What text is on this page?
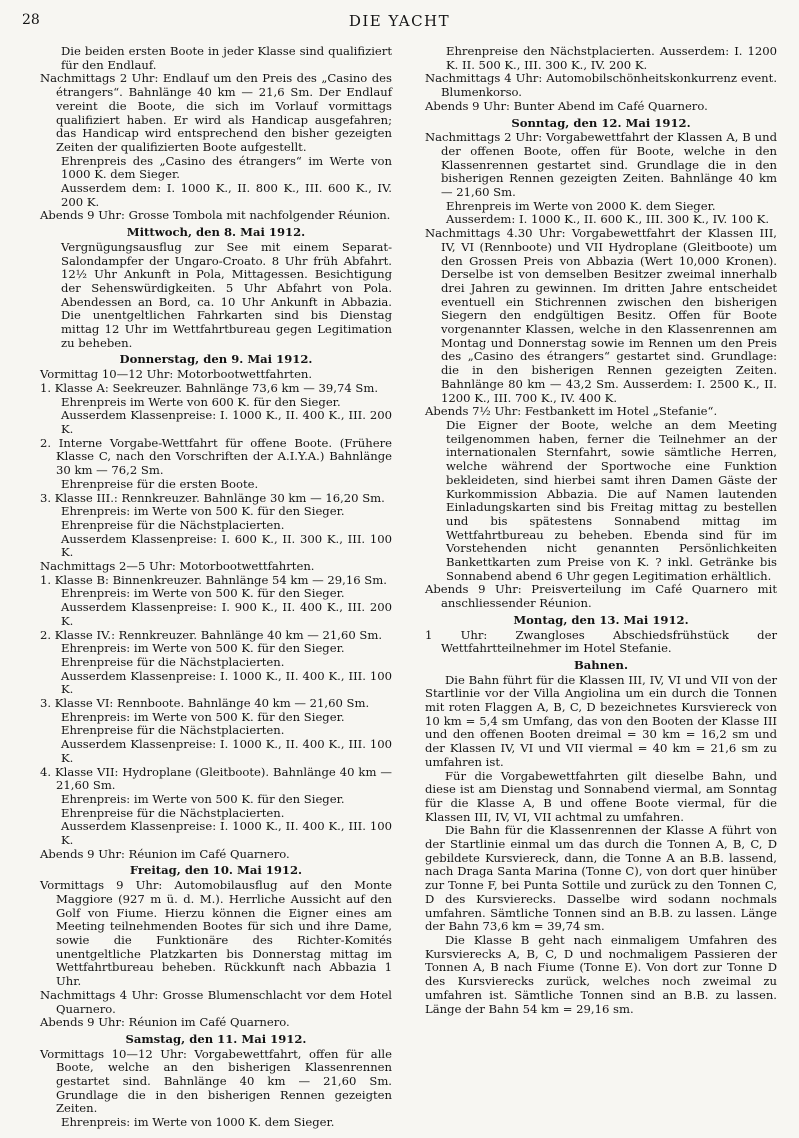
28	DIE YACHT
Die beiden ersten Boote in jeder Klasse sind qualifiziert für den Endlauf.
Nachmittags 2 Uhr: Endlauf um den Preis des „Casino des étrangers“. Bahnlänge 40 km — 21,6 Sm. Der Endlauf vereint die Boote, die sich im Vorlauf vormittags qualifiziert haben. Er wird als Handicap ausgefahren; das Handicap wird entsprechend den bisher gezeigten Zeiten der qualifizierten Boote aufgestellt.
Ehrenpreis des „Casino des étrangers“ im Werte von 1000 K. dem Sieger.
Ausserdem dem: I. 1000 K., II. 800 K., III. 600 K., IV. 200 K.
Abends 9 Uhr: Grosse Tombola mit nachfolgender Réunion.
Mittwoch, den 8. Mai 1912.
Vergnügungsausflug zur See mit einem Separat-Salondampfer der Ungaro-Croato. 8 Uhr früh Abfahrt. 12½ Uhr Ankunft in Pola, Mittagessen. Besichtigung der Sehenswürdigkeiten. 5 Uhr Abfahrt von Pola. Abendessen an Bord, ca. 10 Uhr Ankunft in Abbazia. Die unentgeltlichen Fahrkarten sind bis Dienstag mittag 12 Uhr im Wettfahrtbureau gegen Legitimation zu beheben.
Donnerstag, den 9. Mai 1912.
Vormittag 10—12 Uhr: Motorbootwettfahrten.
1. Klasse A: Seekreuzer. Bahnlänge 73,6 km — 39,74 Sm.
Ehrenpreis im Werte von 600 K. für den Sieger.
Ausserdem Klassenpreise: I. 1000 K., II. 400 K., III. 200 K.
2. Interne Vorgabe-Wettfahrt für offene Boote. (Frühere Klasse C, nach den Vorschriften der A.I.Y.A.) Bahnlänge 30 km — 76,2 Sm.
Ehrenpreise für die ersten Boote.
3. Klasse III.: Rennkreuzer. Bahnlänge 30 km — 16,20 Sm.
Ehrenpreis: im Werte von 500 K. für den Sieger.
Ehrenpreise für die Nächstplacierten.
Ausserdem Klassenpreise: I. 600 K., II. 300 K., III. 100 K.
Nachmittags 2—5 Uhr: Motorbootwettfahrten.
1. Klasse B: Binnenkreuzer. Bahnlänge 54 km — 29,16 Sm.
Ehrenpreis: im Werte von 500 K. für den Sieger.
Ausserdem Klassenpreise: I. 900 K., II. 400 K., III. 200 K.
2. Klasse IV.: Rennkreuzer. Bahnlänge 40 km — 21,60 Sm.
Ehrenpreis: im Werte von 500 K. für den Sieger.
Ehrenpreise für die Nächstplacierten.
Ausserdem Klassenpreise: I. 1000 K., II. 400 K., III. 100 K.
3. Klasse VI: Rennboote. Bahnlänge 40 km — 21,60 Sm.
Ehrenpreis: im Werte von 500 K. für den Sieger.
Ehrenpreise für die Nächstplacierten.
Ausserdem Klassenpreise: I. 1000 K., II. 400 K., III. 100 K.
4. Klasse VII: Hydroplane (Gleitboote). Bahnlänge 40 km — 21,60 Sm.
Ehrenpreis: im Werte von 500 K. für den Sieger.
Ehrenpreise für die Nächstplacierten.
Ausserdem Klassenpreise: I. 1000 K., II. 400 K., III. 100 K.
Abends 9 Uhr: Réunion im Café Quarnero.
Freitag, den 10. Mai 1912.
Vormittags 9 Uhr: Automobilausflug auf den Monte Maggiore (927 m ü. d. M.). Herrliche Aussicht auf den Golf von Fiume. Hierzu können die Eigner eines am Meeting teilnehmenden Bootes für sich und ihre Dame, sowie die Funktionäre des Richter-Komités unentgeltliche Platzkarten bis Donnerstag mittag im Wettfahrtbureau beheben. Rückkunft nach Abbazia 1 Uhr.
Nachmittags 4 Uhr: Grosse Blumenschlacht vor dem Hotel Quarnero.
Abends 9 Uhr: Réunion im Café Quarnero.
Samstag, den 11. Mai 1912.
Vormittags 10—12 Uhr: Vorgabewettfahrt, offen für alle Boote, welche an den bisherigen Klassenrennen gestartet sind. Bahnlänge 40 km — 21,60 Sm. Grundlage die in den bisherigen Rennen gezeigten Zeiten.
Ehrenpreis: im Werte von 1000 K. dem Sieger.
Ehrenpreise den Nächstplacierten. Ausserdem: I. 1200 K. II. 500 K., III. 300 K., IV. 200 K.
Nachmittags 4 Uhr: Automobilschönheitskonkurrenz event. Blumenkorso.
Abends 9 Uhr: Bunter Abend im Café Quarnero.
Sonntag, den 12. Mai 1912.
Nachmittags 2 Uhr: Vorgabewettfahrt der Klassen A, B und der offenen Boote, offen für Boote, welche in den Klassenrennen gestartet sind. Grundlage die in den bisherigen Rennen gezeigten Zeiten. Bahnlänge 40 km — 21,60 Sm.
Ehrenpreis im Werte von 2000 K. dem Sieger.
Ausserdem: I. 1000 K., II. 600 K., III. 300 K., IV. 100 K.
Nachmittags 4.30 Uhr: Vorgabewettfahrt der Klassen III, IV, VI (Rennboote) und VII Hydroplane (Gleitboote) um den Grossen Preis von Abbazia (Wert 10,000 Kronen). Derselbe ist von demselben Besitzer zweimal innerhalb drei Jahren zu gewinnen. Im dritten Jahre entscheidet eventuell ein Stichrennen zwischen den bisherigen Siegern den endgültigen Besitz. Offen für Boote vorgenannter Klassen, welche in den Klassenrennen am Montag und Donnerstag sowie im Rennen um den Preis des „Casino des étrangers“ gestartet sind. Grundlage: die in den bisherigen Rennen gezeigten Zeiten. Bahnlänge 80 km — 43,2 Sm. Ausserdem: I. 2500 K., II. 1200 K., III. 700 K., IV. 400 K.
Abends 7½ Uhr: Festbankett im Hotel „Stefanie“.
Die Eigner der Boote, welche an dem Meeting teilgenommen haben, ferner die Teilnehmer an der internationalen Sternfahrt, sowie sämtliche Herren, welche während der Sportwoche eine Funktion bekleideten, sind hierbei samt ihren Damen Gäste der Kurkommission Abbazia. Die auf Namen lautenden Einladungskarten sind bis Freitag mittag zu bestellen und bis spätestens Sonnabend mittag im Wettfahrtbureau zu beheben. Ebenda sind für im Vorstehenden nicht genannten Persönlichkeiten Bankettkarten zum Preise von K. ? inkl. Getränke bis Sonnabend abend 6 Uhr gegen Legitimation erhältlich.
Abends 9 Uhr: Preisverteilung im Café Quarnero mit anschliessender Réunion.
Montag, den 13. Mai 1912.
1 Uhr: Zwangloses Abschiedsfrühstück der Wettfahrtteilnehmer im Hotel Stefanie.
Bahnen.
Die Bahn führt für die Klassen III, IV, VI und VII von der Startlinie vor der Villa Angiolina um ein durch die Tonnen mit roten Flaggen A, B, C, D bezeichnetes Kursviereck von 10 km = 5,4 sm Umfang, das von den Booten der Klasse III und den offenen Booten dreimal = 30 km = 16,2 sm und der Klassen IV, VI und VII viermal = 40 km = 21,6 sm zu umfahren ist.
Für die Vorgabewettfahrten gilt dieselbe Bahn, und diese ist am Dienstag und Sonnabend viermal, am Sonntag für die Klasse A, B und offene Boote viermal, für die Klassen III, IV, VI, VII achtmal zu umfahren.
Die Bahn für die Klassenrennen der Klasse A führt von der Startlinie einmal um das durch die Tonnen A, B, C, D gebildete Kursviereck, dann, die Tonne A an B.B. lassend, nach Draga Santa Marina (Tonne C), von dort quer hinüber zur Tonne F, bei Punta Sottile und zurück zu den Tonnen C, D des Kursvierecks. Dasselbe wird sodann nochmals umfahren. Sämtliche Tonnen sind an B.B. zu lassen. Länge der Bahn 73,6 km = 39,74 sm.
Die Klasse B geht nach einmaligem Umfahren des Kursvierecks A, B, C, D und nochmaligem Passieren der Tonnen A, B nach Fiume (Tonne E). Von dort zur Tonne D des Kursvierecks zurück, welches noch zweimal zu umfahren ist. Sämtliche Tonnen sind an B.B. zu lassen. Länge der Bahn 54 km = 29,16 sm.
